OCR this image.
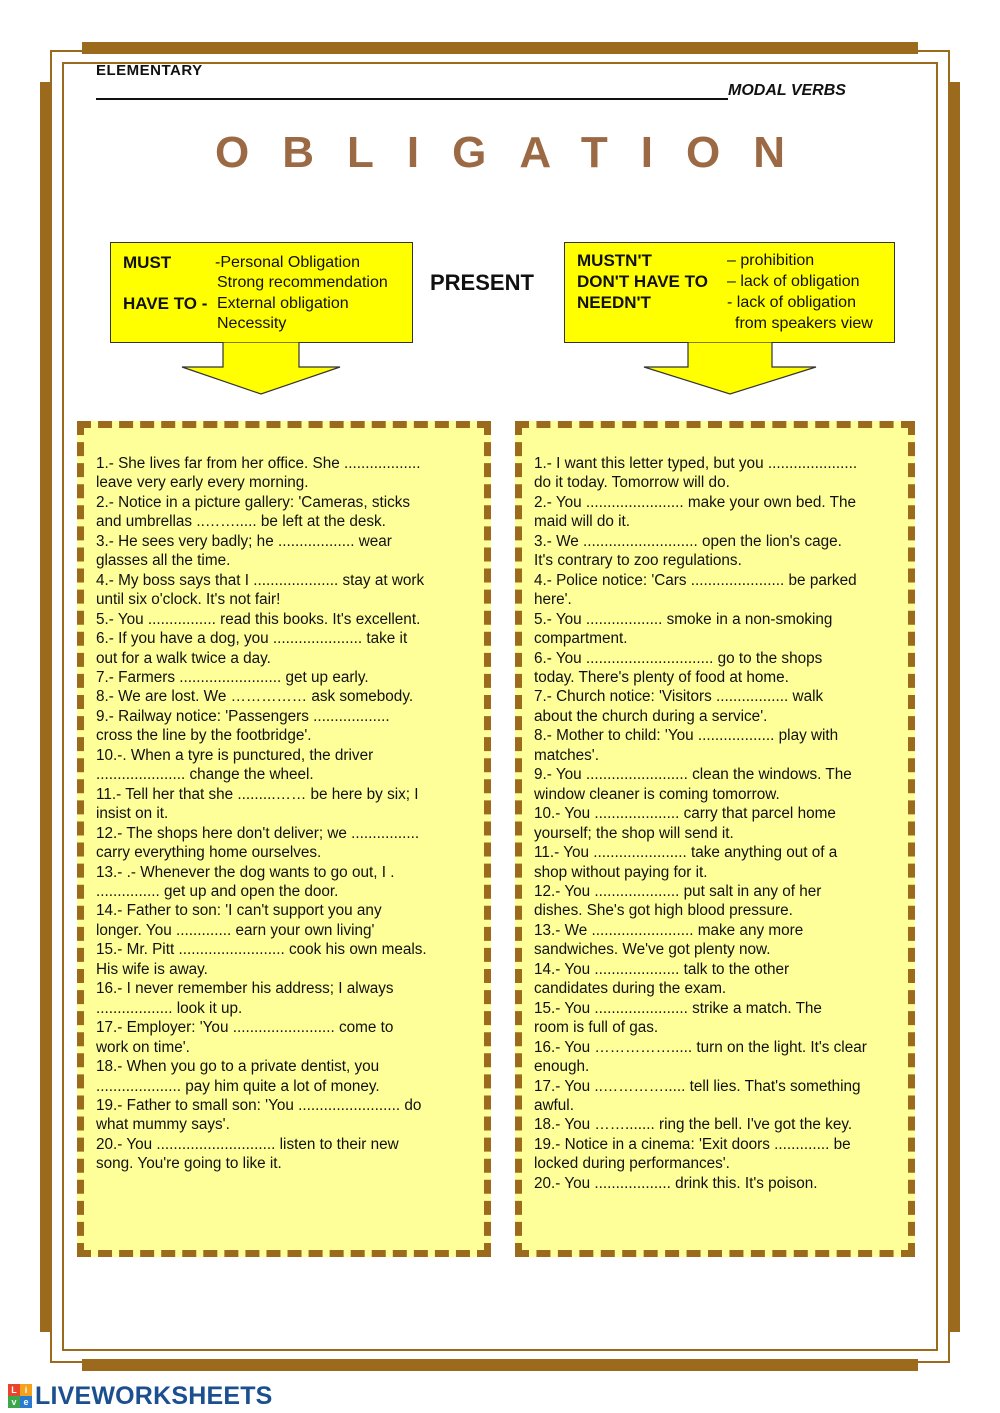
ELEMENTARY
MODAL VERBS
OBLIGATION
MUST	-Personal Obligation
Strong recommendation
HAVE TO - External obligation
Necessity
PRESENT
MUSTN'T	– prohibition
DON'T HAVE TO – lack of obligation
NEEDN'T	- lack of obligation
from speakers view
1.- She lives far from her office. She ..................
leave very early every morning.
2.- Notice in a picture gallery: 'Cameras, sticks
and umbrellas ..……..... be left at the desk.
3.- He sees very badly; he .................. wear
glasses all the time.
4.- My boss says that I .................... stay at work
until six o'clock. It's not fair!
5.- You ................ read this books. It's excellent.
6.- If you have a dog, you ..................... take it
out for a walk twice a day.
7.- Farmers ........................ get up early.
8.- We are lost. We …………… ask somebody.
9.- Railway notice: 'Passengers ..................
cross the line by the footbridge'.
10.-. When a tyre is punctured, the driver
..................... change the wheel.
11.- Tell her that she .........…… be here by six; I
insist on it.
12.- The shops here don't deliver; we ................
carry everything home ourselves.
13.- .- Whenever the dog wants to go out, I .
............... get up and open the door.
14.- Father to son: 'I can't support you any
longer. You ............. earn your own living'
15.- Mr. Pitt ......................... cook his own meals.
His wife is away.
16.- I never remember his address; I always
.................. look it up.
17.- Employer: 'You ........................ come to
work on time'.
18.- When you go to a private dentist, you
.................... pay him quite a lot of money.
19.- Father to small son: 'You ........................ do
what mummy says'.
20.- You ............................ listen to their new
song. You're going to like it.
1.- I want this letter typed, but you .....................
do it today. Tomorrow will do.
2.- You ....................... make your own bed. The
maid will do it.
3.- We ........................... open the lion's cage.
It's contrary to zoo regulations.
4.- Police notice: 'Cars ...................... be parked
here'.
5.- You .................. smoke in a non-smoking
compartment.
6.- You .............................. go to the shops
today. There's plenty of food at home.
7.- Church notice: 'Visitors ................. walk
about the church during a service'.
8.- Mother to child: 'You .................. play with
matches'.
9.- You ........................ clean the windows. The
window cleaner is coming tomorrow.
10.- You .................... carry that parcel home
yourself; the shop will send it.
11.- You ...................... take anything out of a
shop without paying for it.
12.- You .................... put salt in any of her
dishes. She's got high blood pressure.
13.- We ........................ make any more
sandwiches. We've got plenty now.
14.- You .................... talk to the other
candidates during the exam.
15.- You ...................... strike a match. The
room is full of gas.
16.- You ……………..... turn on the light. It's clear
enough.
17.- You ..…………..... tell lies. That's something
awful.
18.- You ……....... ring the bell. I've got the key.
19.- Notice in a cinema: 'Exit doors ............. be
locked during performances'.
20.- You .................. drink this. It's poison.
L i
v e LIVEWORKSHEETS
